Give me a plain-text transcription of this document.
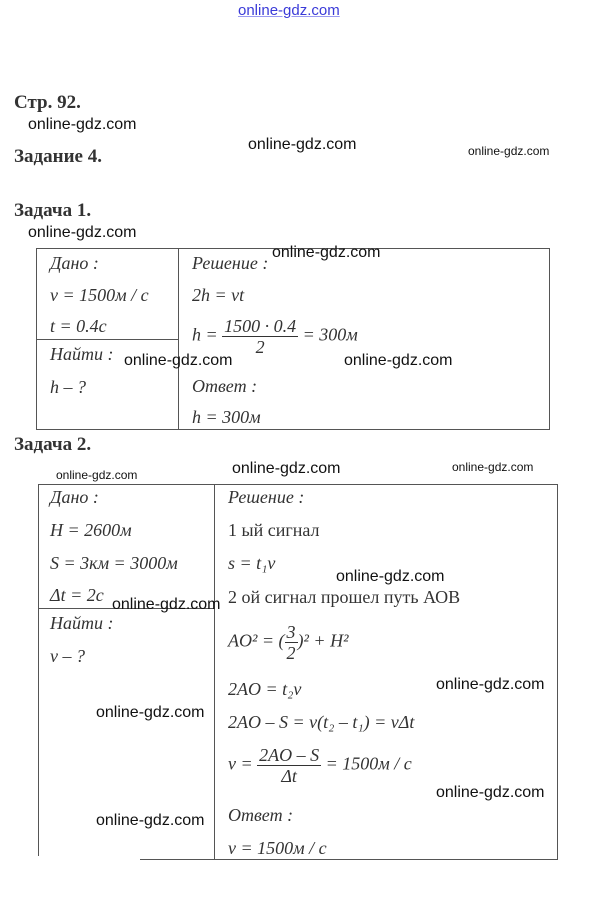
online-gdz.com
Стр. 92.
Задание 4.
Задача 1.
online-gdz.com
online-gdz.com	online-gdz.com
online-gdz.com
Дано :
v = 1500м / с
t = 0.4с
Найти :
h – ?
Решение :
2h = vt
$h = \frac{1500 \cdot 0.4}{2} = 300м$
Ответ :
h = 300м
online-gdz.com
online-gdz.com	online-gdz.com
Задача 2.
online-gdz.com	online-gdz.com	online-gdz.com
Дано :
H = 2600м
S = 3км = 3000м
Δt = 2с
Найти :
v – ?
Решение :
1 ый сигнал
s = t₁v
2 ой сигнал прошел путь АОВ
AO² = ( $\frac{3}{2} )^2 + H^2$
2AO = t₂v
2AO – S = v(t₂ – t₁) = vΔt
$v = \frac{2AO - S}{\Delta t} = 1500м / с$
Ответ :
v = 1500м / с
online-gdz.com
online-gdz.com
online-gdz.com
online-gdz.com
online-gdz.com
online-gdz.com
